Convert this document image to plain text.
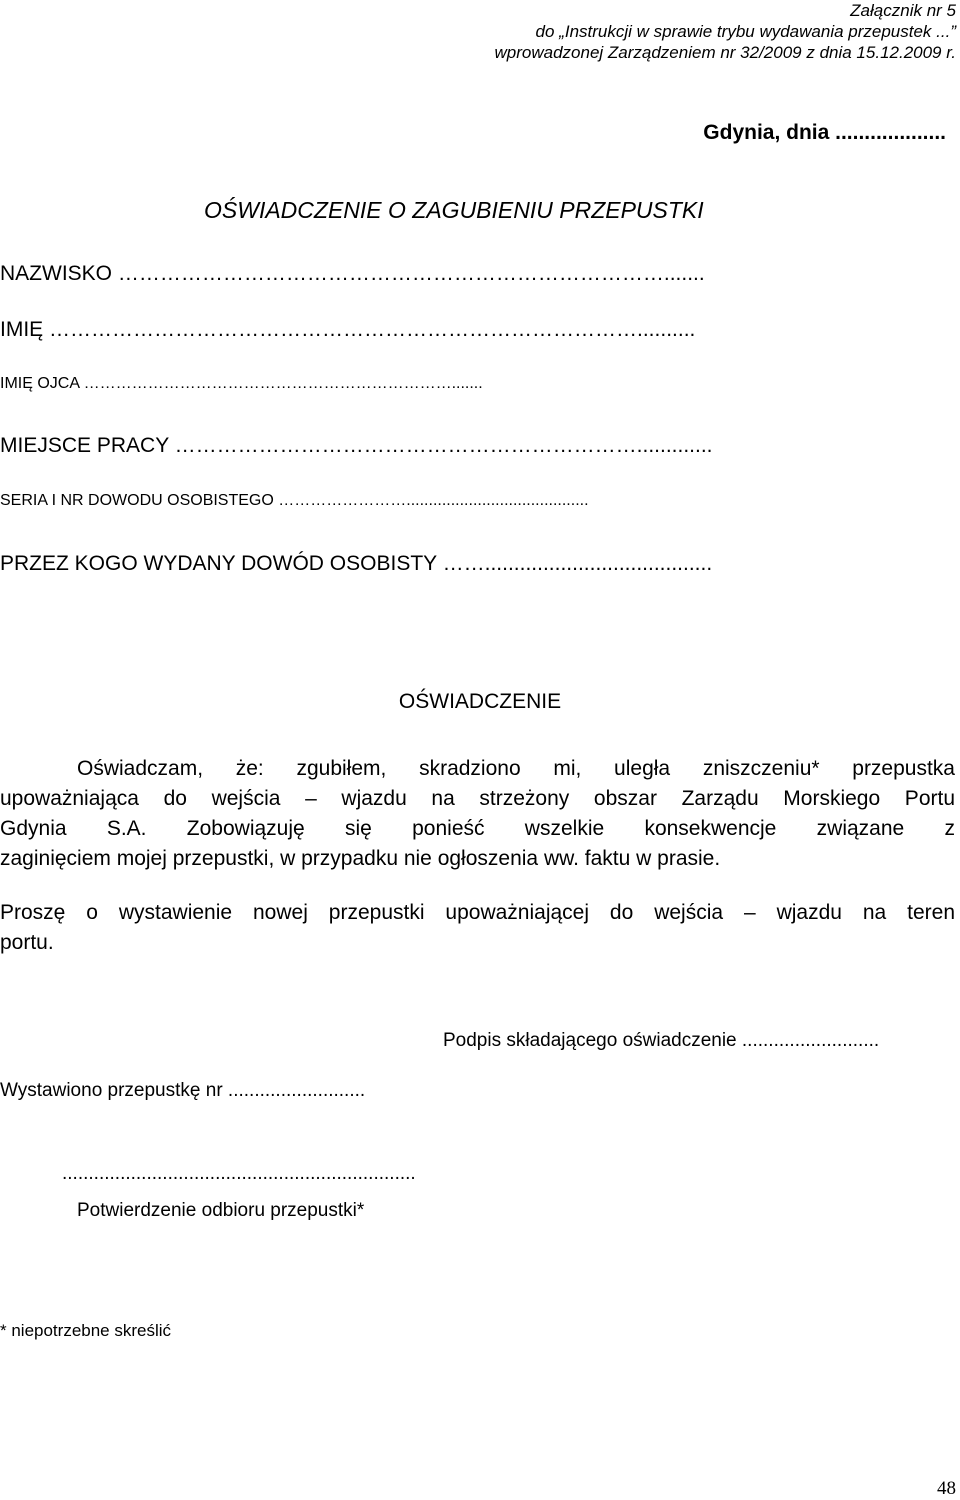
Załącznik nr 5
do „Instrukcji w sprawie trybu wydawania przepustek ...”
wprowadzonej Zarządzeniem nr 32/2009 z dnia 15.12.2009 r.
Gdynia, dnia ...................
OŚWIADCZENIE O ZAGUBIENIU PRZEPUSTKI
NAZWISKO …………………………………………………………………….......
IMIĘ …………………………………………………………………………..........
IMIĘ OJCA …………………………………………………………….......
MIEJSCE PRACY ………………………………………………………….............
SERIA I NR DOWODU OSOBISTEGO …………………….........................................
PRZEZ KOGO WYDANY DOWÓD OSOBISTY …….......................................
OŚWIADCZENIE
Oświadczam, że: zgubiłem, skradziono mi, uległa zniszczeniu* przepustka
upoważniająca do wejścia – wjazdu na strzeżony obszar Zarządu Morskiego Portu
Gdynia S.A. Zobowiązuję się ponieść wszelkie konsekwencje związane z
zaginięciem mojej przepustki, w przypadku nie ogłoszenia ww. faktu w prasie.
Proszę o wystawienie nowej przepustki upoważniającej do wejścia – wjazdu na teren
portu.
Podpis składającego oświadczenie ..........................
Wystawiono przepustkę nr ..........................
...................................................................
Potwierdzenie odbioru przepustki*
* niepotrzebne skreślić
48
